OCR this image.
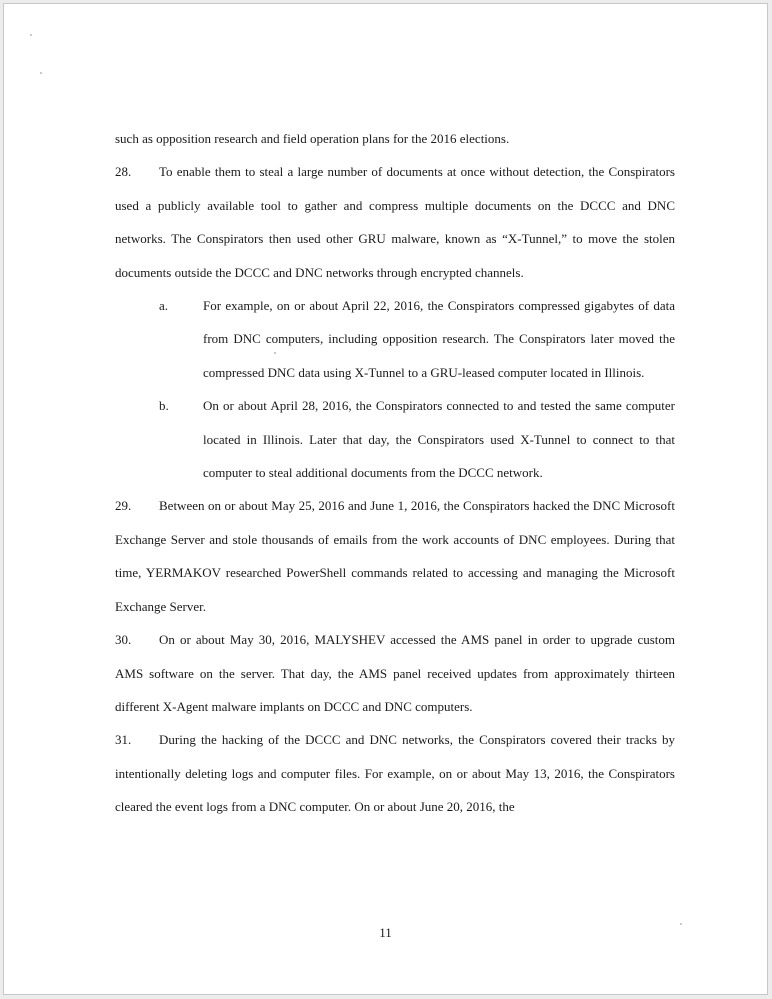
such as opposition research and field operation plans for the 2016 elections.

28. To enable them to steal a large number of documents at once without detection, the Conspirators used a publicly available tool to gather and compress multiple documents on the DCCC and DNC networks. The Conspirators then used other GRU malware, known as “X-Tunnel,” to move the stolen documents outside the DCCC and DNC networks through encrypted channels.

a.	For example, on or about April 22, 2016, the Conspirators compressed gigabytes of data from DNC computers, including opposition research. The Conspirators later moved the compressed DNC data using X-Tunnel to a GRU-leased computer located in Illinois.
b.	On or about April 28, 2016, the Conspirators connected to and tested the same computer located in Illinois. Later that day, the Conspirators used X-Tunnel to connect to that computer to steal additional documents from the DCCC network.

29. Between on or about May 25, 2016 and June 1, 2016, the Conspirators hacked the DNC Microsoft Exchange Server and stole thousands of emails from the work accounts of DNC employees. During that time, YERMAKOV researched PowerShell commands related to accessing and managing the Microsoft Exchange Server.

30. On or about May 30, 2016, MALYSHEV accessed the AMS panel in order to upgrade custom AMS software on the server. That day, the AMS panel received updates from approximately thirteen different X-Agent malware implants on DCCC and DNC computers.

31. During the hacking of the DCCC and DNC networks, the Conspirators covered their tracks by intentionally deleting logs and computer files. For example, on or about May 13, 2016, the Conspirators cleared the event logs from a DNC computer. On or about June 20, 2016, the

11
